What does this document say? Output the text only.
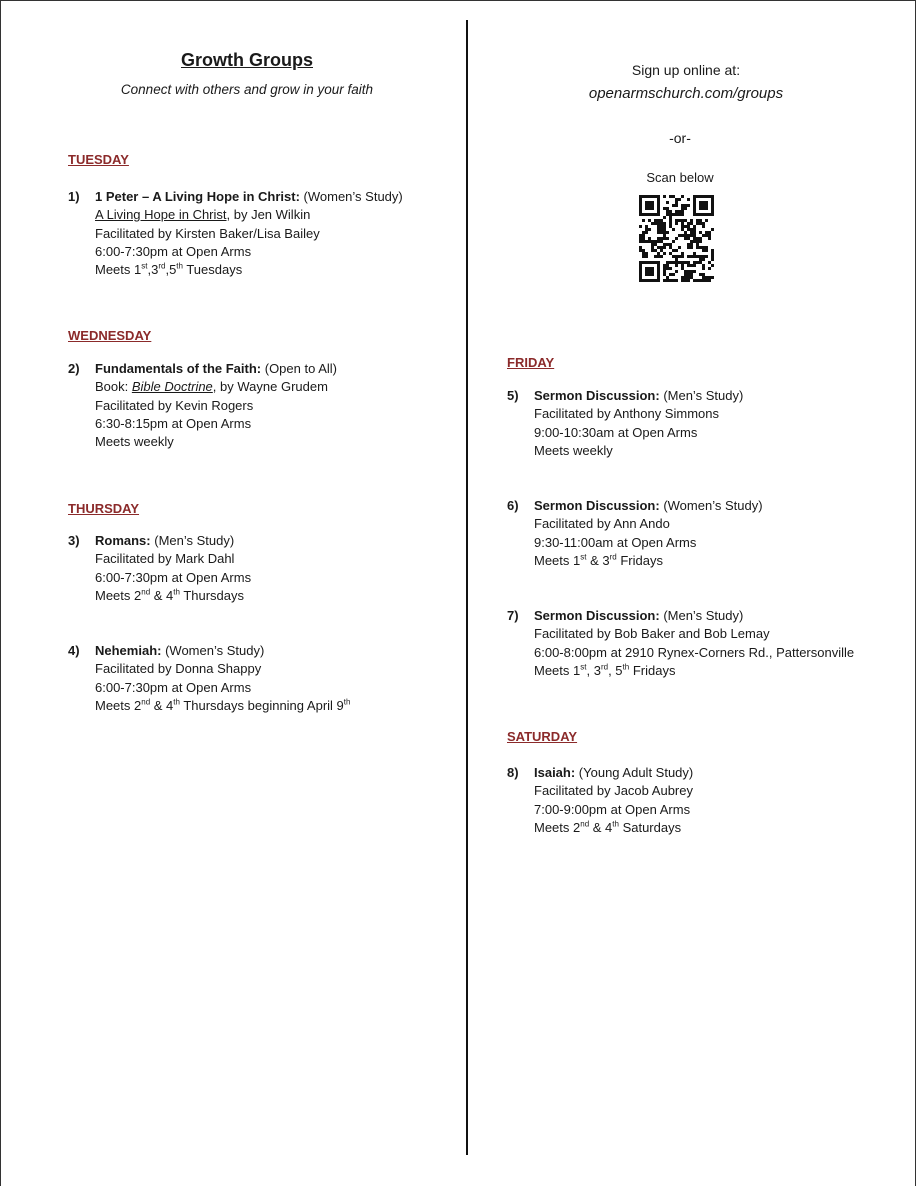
Growth Groups
Connect with others and grow in your faith
Sign up online at:
openarmschurch.com/groups
-or-
Scan below
TUESDAY
1) 1 Peter – A Living Hope in Christ: (Women’s Study)
A Living Hope in Christ, by Jen Wilkin
Facilitated by Kirsten Baker/Lisa Bailey
6:00-7:30pm at Open Arms
Meets 1st,3rd,5th Tuesdays
WEDNESDAY
2) Fundamentals of the Faith: (Open to All)
Book: Bible Doctrine, by Wayne Grudem
Facilitated by Kevin Rogers
6:30-8:15pm at Open Arms
Meets weekly
THURSDAY
3) Romans: (Men’s Study)
Facilitated by Mark Dahl
6:00-7:30pm at Open Arms
Meets 2nd & 4th Thursdays
4) Nehemiah: (Women’s Study)
Facilitated by Donna Shappy
6:00-7:30pm at Open Arms
Meets 2nd & 4th Thursdays beginning April 9th
FRIDAY
5) Sermon Discussion: (Men’s Study)
Facilitated by Anthony Simmons
9:00-10:30am at Open Arms
Meets weekly
6) Sermon Discussion: (Women’s Study)
Facilitated by Ann Ando
9:30-11:00am at Open Arms
Meets 1st & 3rd Fridays
7) Sermon Discussion: (Men’s Study)
Facilitated by Bob Baker and Bob Lemay
6:00-8:00pm at 2910 Rynex-Corners Rd., Pattersonville
Meets 1st, 3rd, 5th Fridays
SATURDAY
8) Isaiah: (Young Adult Study)
Facilitated by Jacob Aubrey
7:00-9:00pm at Open Arms
Meets 2nd & 4th Saturdays
